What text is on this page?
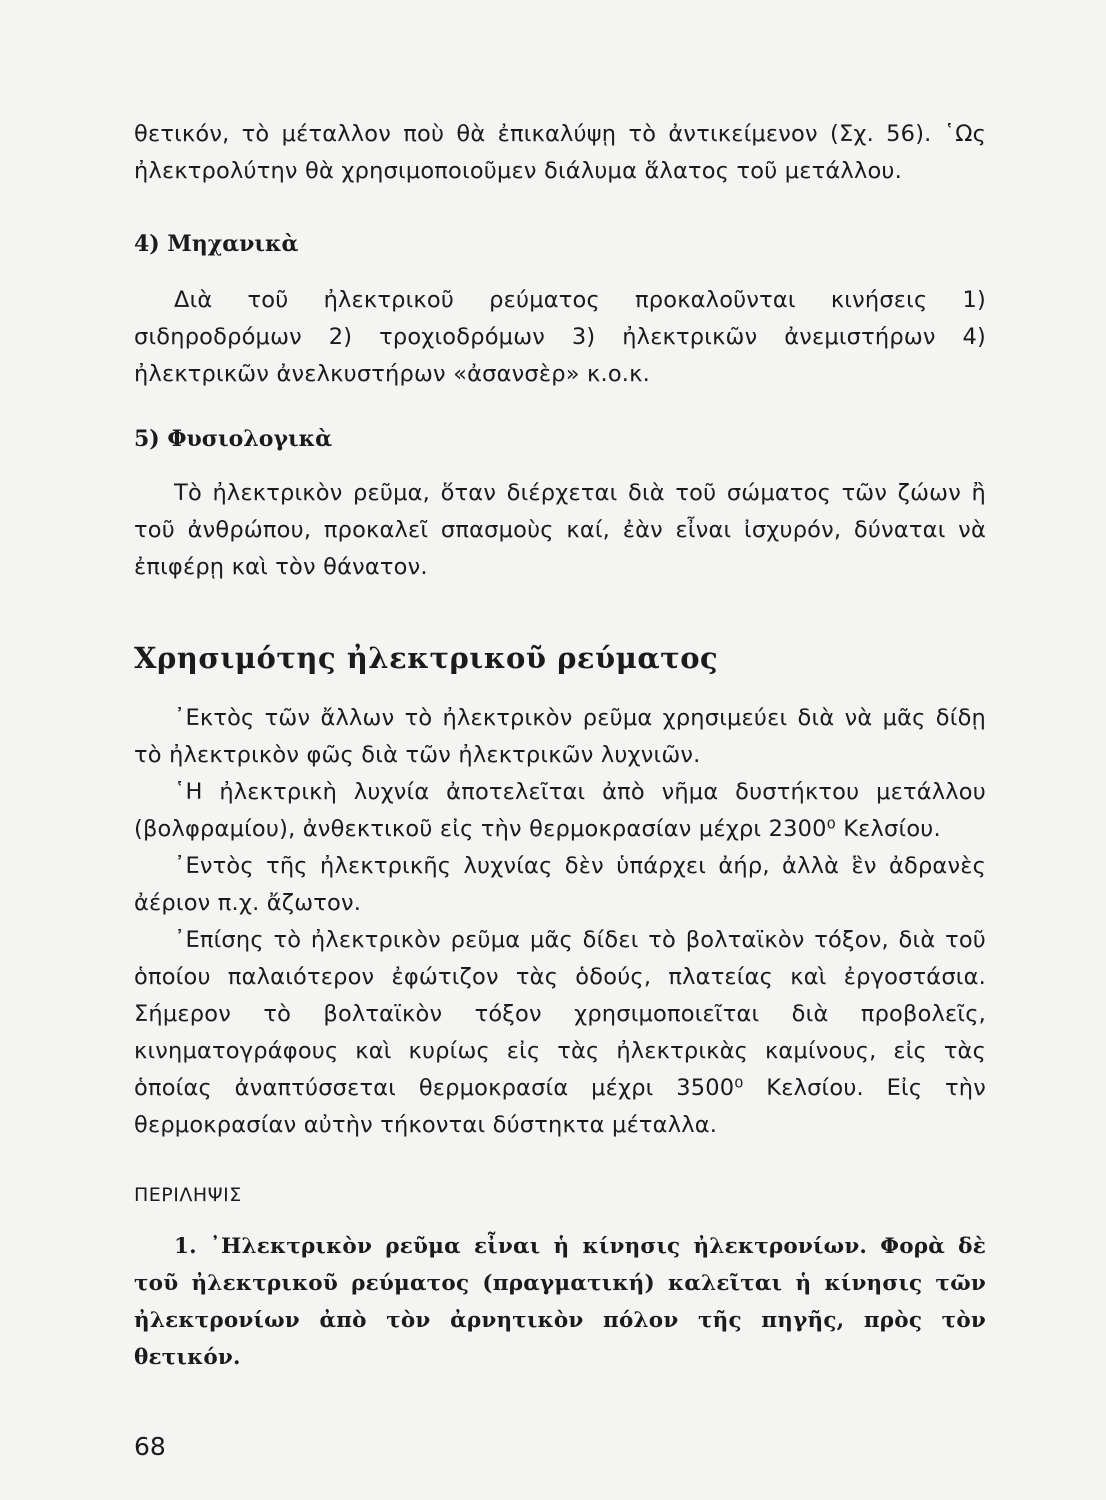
θετικόν, τὸ μέταλλον ποὺ θὰ ἐπικαλύψῃ τὸ ἀντικείμενον (Σχ. 56). ῾Ως ἠλεκτρολύτην θὰ χρησιμοποιοῦμεν διάλυμα ἅλατος τοῦ μετάλλου.

4) Μηχανικὰ

Διὰ τοῦ ἠλεκτρικοῦ ρεύματος προκαλοῦνται κινήσεις 1) σιδηροδρόμων 2) τροχιοδρόμων 3) ἠλεκτρικῶν ἀνεμιστήρων 4) ἠλεκτρικῶν ἀνελκυστήρων «ἀσανσὲρ» κ.ο.κ.

5) Φυσιολογικὰ

Τὸ ἠλεκτρικὸν ρεῦμα, ὅταν διέρχεται διὰ τοῦ σώματος τῶν ζώων ἢ τοῦ ἀνθρώπου, προκαλεῖ σπασμοὺς καί, ἐὰν εἶναι ἰσχυρόν, δύναται νὰ ἐπιφέρῃ καὶ τὸν θάνατον.

Χρησιμότης ἠλεκτρικοῦ ρεύματος

᾿Εκτὸς τῶν ἄλλων τὸ ἠλεκτρικὸν ρεῦμα χρησιμεύει διὰ νὰ μᾶς δίδῃ τὸ ἠλεκτρικὸν φῶς διὰ τῶν ἠλεκτρικῶν λυχνιῶν.

῾Η ἠλεκτρικὴ λυχνία ἀποτελεῖται ἀπὸ νῆμα δυστήκτου μετάλλου (βολφραμίου), ἀνθεκτικοῦ εἰς τὴν θερμοκρασίαν μέχρι 2300⁰ Κελσίου.

᾿Εντὸς τῆς ἠλεκτρικῆς λυχνίας δὲν ὑπάρχει ἀήρ, ἀλλὰ ἓν ἀδρανὲς ἀέριον π.χ. ἄζωτον.

᾿Επίσης τὸ ἠλεκτρικὸν ρεῦμα μᾶς δίδει τὸ βολταϊκὸν τόξον, διὰ τοῦ ὁποίου παλαιότερον ἐφώτιζον τὰς ὁδούς, πλατείας καὶ ἐργοστάσια. Σήμερον τὸ βολταϊκὸν τόξον χρησιμοποιεῖται διὰ προβολεῖς, κινηματογράφους καὶ κυρίως εἰς τὰς ἠλεκτρικὰς καμίνους, εἰς τὰς ὁποίας ἀναπτύσσεται θερμοκρασία μέχρι 3500⁰ Κελσίου. Εἰς τὴν θερμοκρασίαν αὐτὴν τήκονται δύστηκτα μέταλλα.

ΠΕΡΙΛΗΨΙΣ

1. ᾿Ηλεκτρικὸν ρεῦμα εἶναι ἡ κίνησις ἠλεκτρονίων. Φορὰ δὲ τοῦ ἠλεκτρικοῦ ρεύματος (πραγματική) καλεῖται ἡ κίνησις τῶν ἠλεκτρονίων ἀπὸ τὸν ἀρνητικὸν πόλον τῆς πηγῆς, πρὸς τὸν θετικόν.

68
